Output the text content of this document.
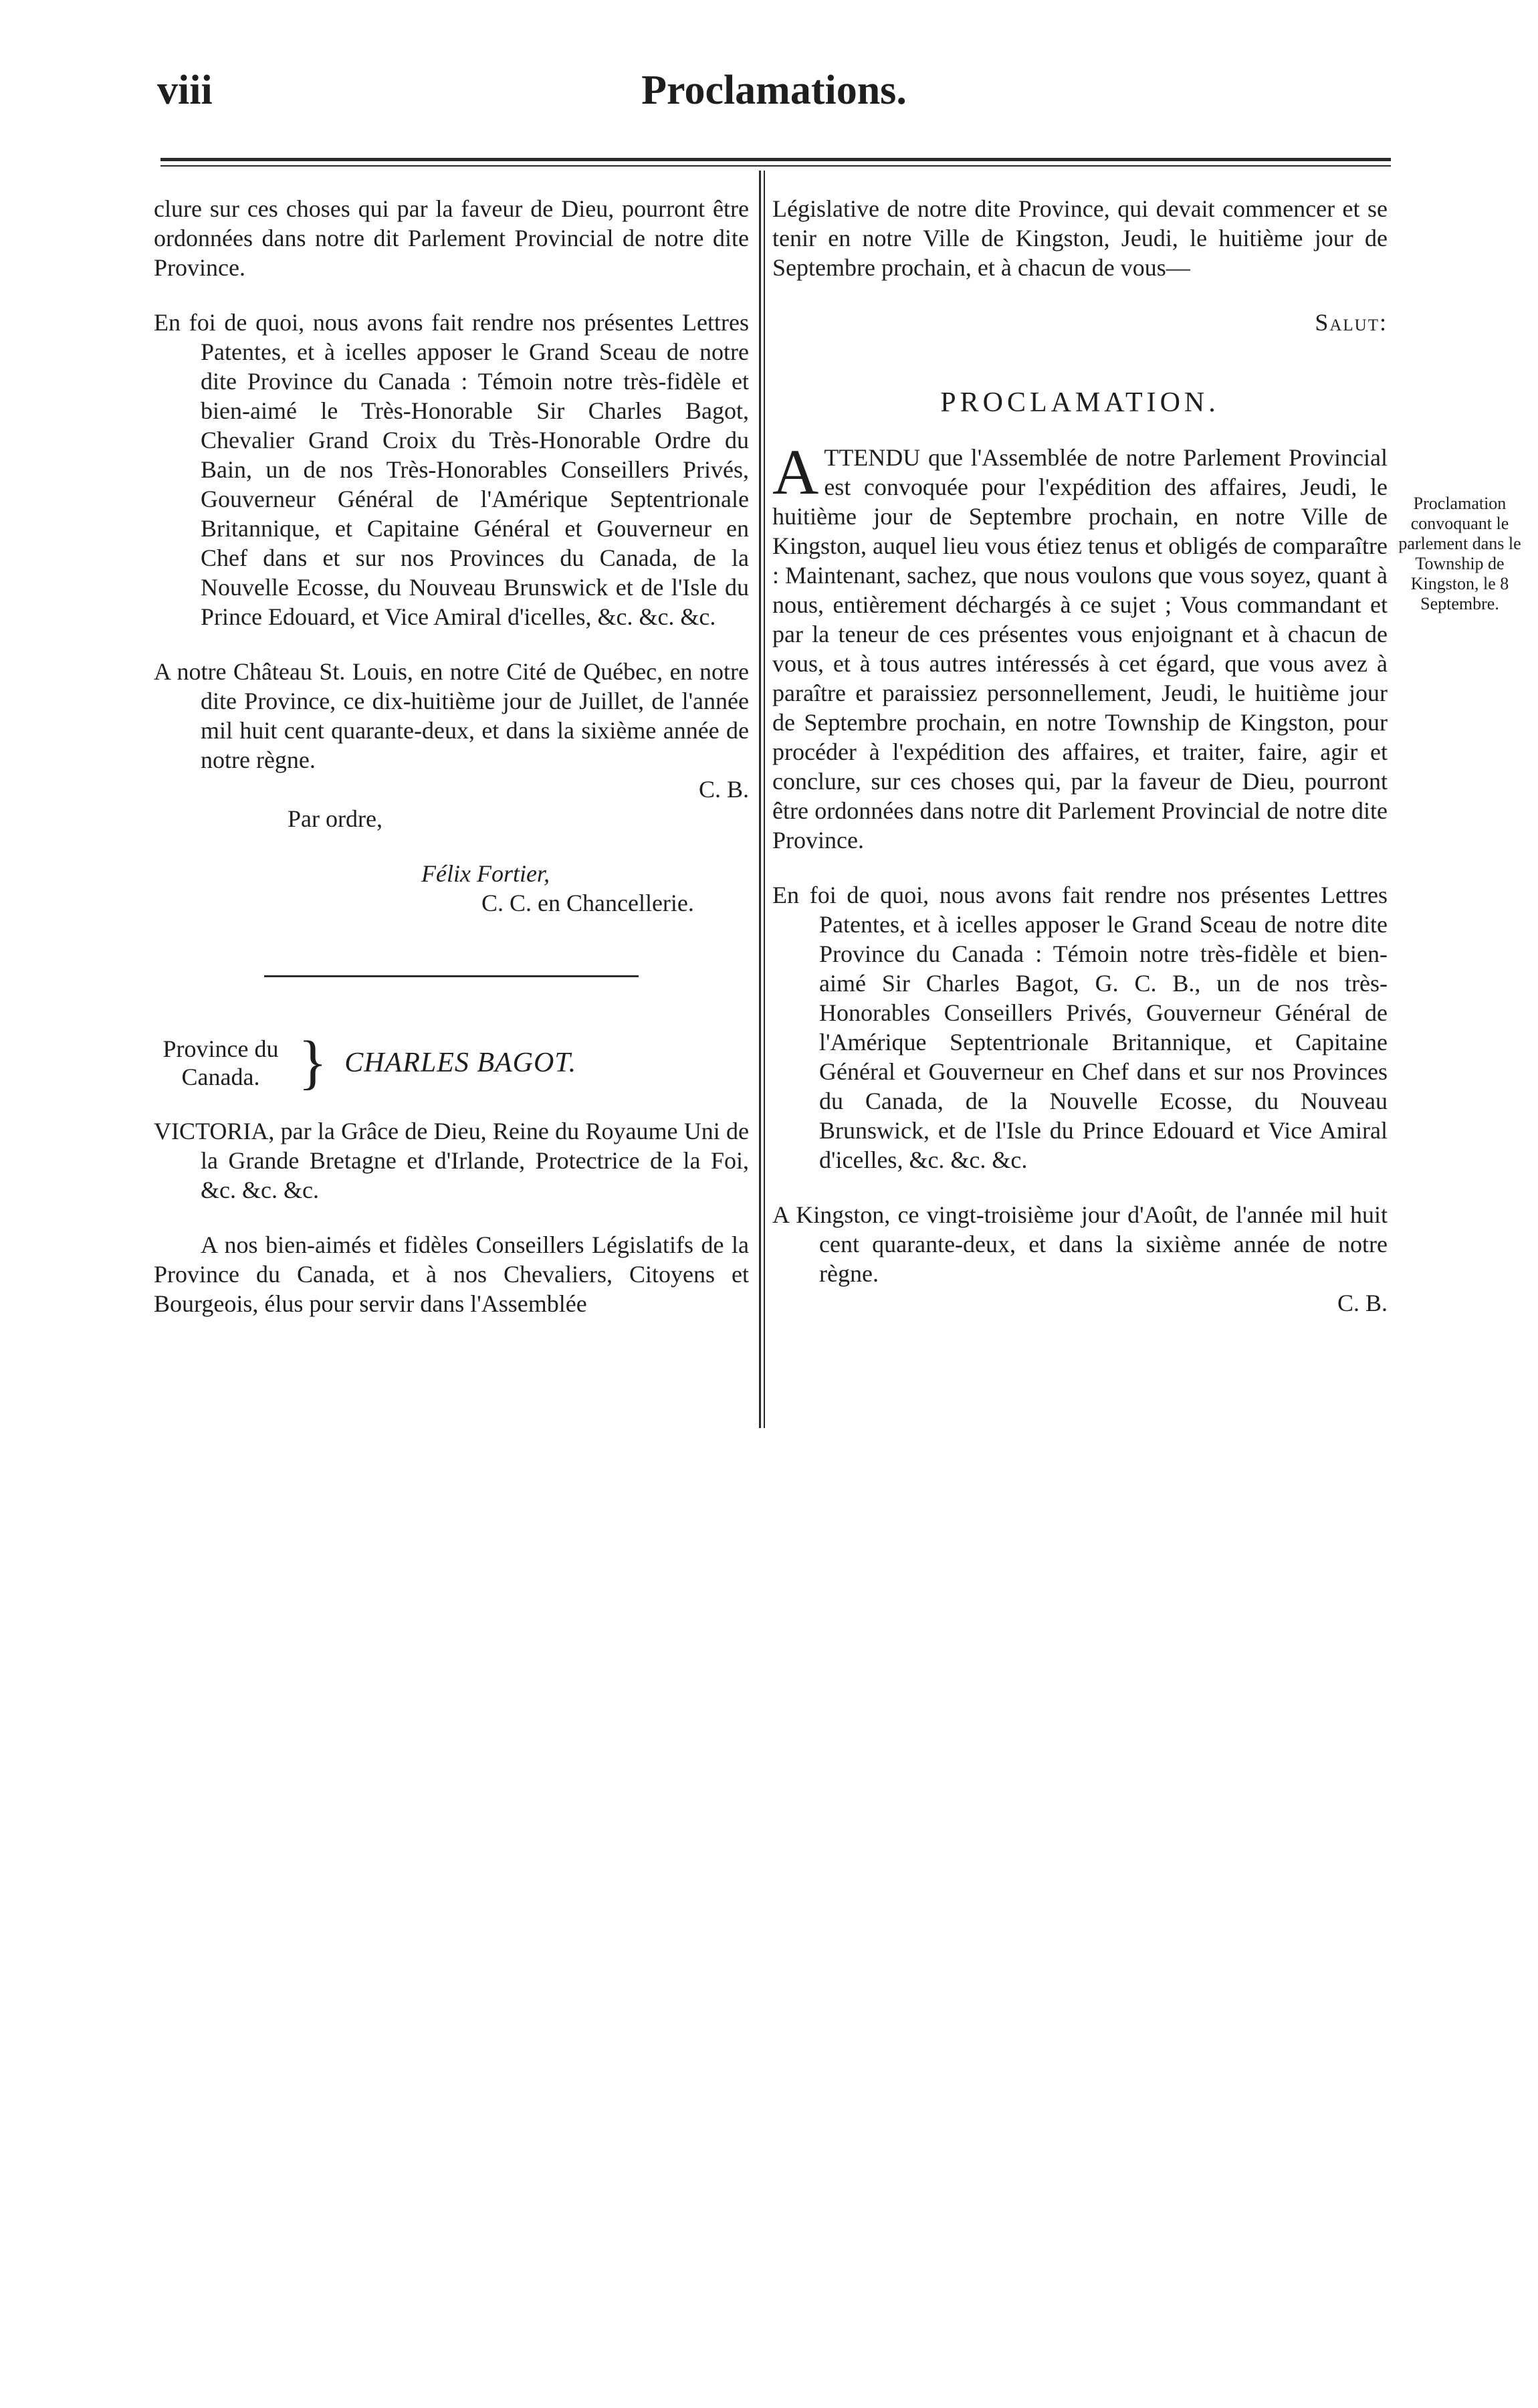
Proclamations.
viii

clure sur ces choses qui par la faveur de Dieu, pourront être ordonnées dans notre dit Parlement Provincial de notre dite Province.

En foi de quoi, nous avons fait rendre nos présentes Lettres Patentes, et à icelles apposer le Grand Sceau de notre dite Province du Canada : Témoin notre très-fidèle et bien-aimé le Très-Honorable Sir Charles Bagot, Chevalier Grand Croix du Très-Honorable Ordre du Bain, un de nos Très-Honorables Conseillers Privés, Gouverneur Général de l'Amérique Septentrionale Britannique, et Capitaine Général et Gouverneur en Chef dans et sur nos Provinces du Canada, de la Nouvelle Ecosse, du Nouveau Brunswick et de l'Isle du Prince Edouard, et Vice Amiral d'icelles, &c. &c. &c.

A notre Château St. Louis, en notre Cité de Québec, en notre dite Province, ce dix-huitième jour de Juillet, de l'année mil huit cent quarante-deux, et dans la sixième année de notre règne.

C. B.

Par ordre,

Félix Fortier,

C. C. en Chancellerie.

Province du Canada. } CHARLES BAGOT.

VICTORIA, par la Grâce de Dieu, Reine du Royaume Uni de la Grande Bretagne et d'Irlande, Protectrice de la Foi, &c. &c. &c.

A nos bien-aimés et fidèles Conseillers Législatifs de la Province du Canada, et à nos Chevaliers, Citoyens et Bourgeois, élus pour servir dans l'Assemblée

Législative de notre dite Province, qui devait commencer et se tenir en notre Ville de Kingston, Jeudi, le huitième jour de Septembre prochain, et à chacun de vous—

Salut:

PROCLAMATION.

ATTENDU que l'Assemblée de notre Parlement Provincial est convoquée pour l'expédition des affaires, Jeudi, le huitième jour de Septembre prochain, en notre Ville de Kingston, auquel lieu vous étiez tenus et obligés de comparaître : Maintenant, sachez, que nous voulons que vous soyez, quant à nous, entièrement déchargés à ce sujet ; Vous commandant et par la teneur de ces présentes vous enjoignant et à chacun de vous, et à tous autres intéressés à cet égard, que vous avez à paraître et paraissiez personnellement, Jeudi, le huitième jour de Septembre prochain, en notre Township de Kingston, pour procéder à l'expédition des affaires, et traiter, faire, agir et conclure, sur ces choses qui, par la faveur de Dieu, pourront être ordonnées dans notre dit Parlement Provincial de notre dite Province.

En foi de quoi, nous avons fait rendre nos présentes Lettres Patentes, et à icelles apposer le Grand Sceau de notre dite Province du Canada : Témoin notre très-fidèle et bien-aimé Sir Charles Bagot, G. C. B., un de nos très-Honorables Conseillers Privés, Gouverneur Général de l'Amérique Septentrionale Britannique, et Capitaine Général et Gouverneur en Chef dans et sur nos Provinces du Canada, de la Nouvelle Ecosse, du Nouveau Brunswick, et de l'Isle du Prince Edouard et Vice Amiral d'icelles, &c. &c. &c.

A Kingston, ce vingt-troisième jour d'Août, de l'année mil huit cent quarante-deux, et dans la sixième année de notre règne.

C. B.

Proclamation convoquant le parlement dans le Township de Kingston, le 8 Septembre.
